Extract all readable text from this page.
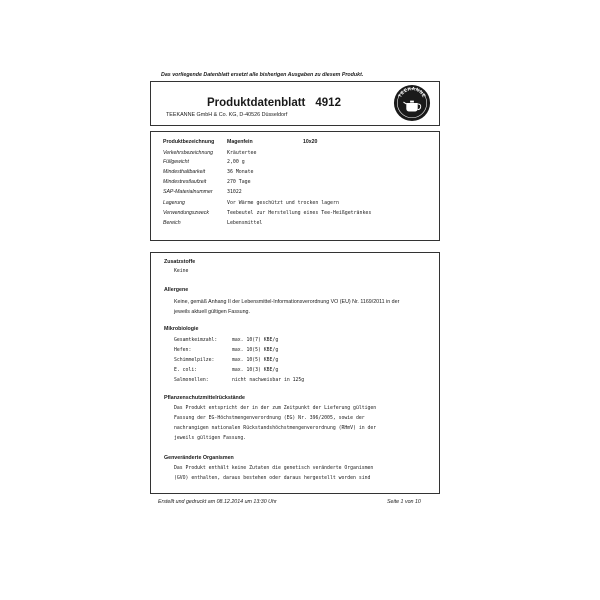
Das vorliegende Datenblatt ersetzt alle bisherigen Ausgaben zu diesem Produkt.
Produktdatenblatt 4912
TEEKANNE GmbH & Co. KG, D-40526 Düsseldorf
TEEKANNE
Produktbezeichnung Magenfein	10x20
Verkehrsbezeichnung	Kräutertee
Füllgewicht	2,00 g
Mindesthaltbarkeit	36 Monate
Mindestrestlaufzeit	270 Tage
SAP-Materialnummer	31022
Lagerung	Vor Wärme geschützt und trocken lagern
Verwendungszweck	Teebeutel zur Herstellung eines Tee-Heißgetränkes
Bereich	Lebensmittel
Zusatzstoffe
Keine
Allergene
Keine, gemäß Anhang II der Lebensmittel-Informationsverordnung VO (EU) Nr. 1169/2011 in der
jeweils aktuell gültigen Fassung.
Mikrobiologie
Gesamtkeimzahl:	max. 10(7) KBE/g
Hefen:	max. 10(5) KBE/g
Schimmelpilze:	max. 10(5) KBE/g
E. coli:	max. 10(3) KBE/g
Salmonellen:	nicht nachweisbar in 125g
Pflanzenschutzmittelrückstände
Das Produkt entspricht der in der zum Zeitpunkt der Lieferung gültigen
Fassung der EG-Höchstmengenverordnung (EG) Nr. 396/2005, sowie der
nachrangigen nationalen Rückstandshöchstmengenverordnung (RHmV) in der
jeweils gültigen Fassung.
Genveränderte Organismen
Das Produkt enthält keine Zutaten die genetisch veränderte Organismen
(GVO) enthalten, daraus bestehen oder daraus hergestellt worden sind
Erstellt und gedruckt am 08.12.2014 um 13:30 Uhr	Seite 1 von 10
